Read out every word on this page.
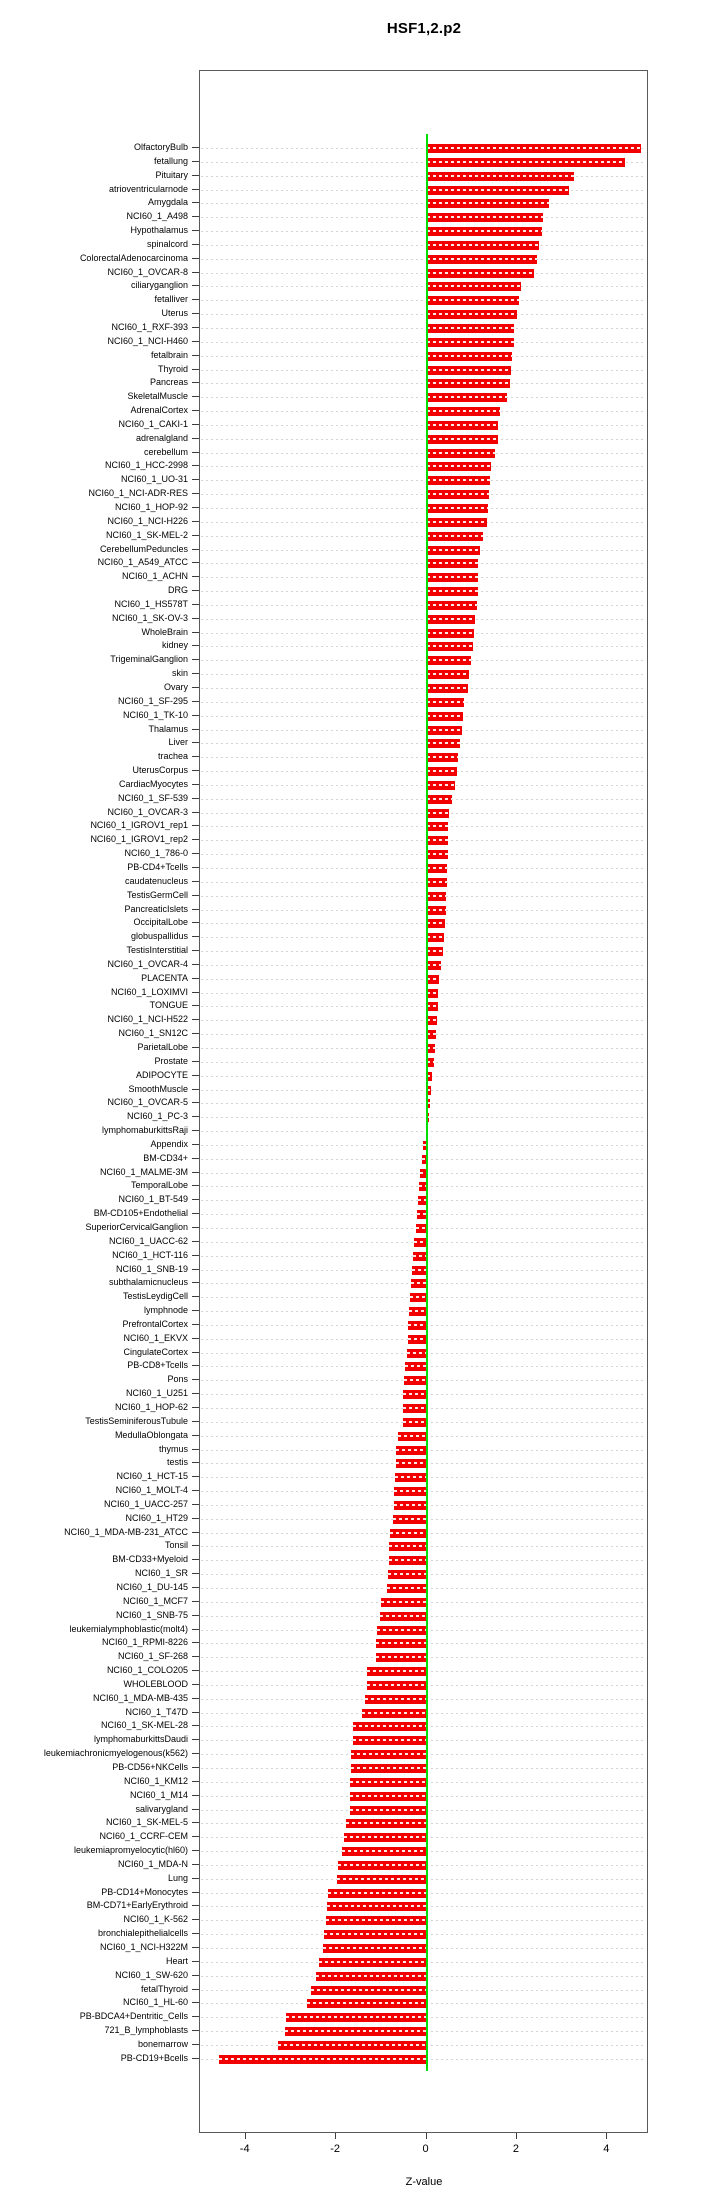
HSF1,2.p2
OlfactoryBulb
fetallung
Pituitary
atrioventricularnode
Amygdala
NCI60_1_A498
Hypothalamus
spinalcord
ColorectalAdenocarcinoma
NCI60_1_OVCAR-8
ciliaryganglion
fetalliver
Uterus
NCI60_1_RXF-393
NCI60_1_NCI-H460
fetalbrain
Thyroid
Pancreas
SkeletalMuscle
AdrenalCortex
NCI60_1_CAKI-1
adrenalgland
cerebellum
NCI60_1_HCC-2998
NCI60_1_UO-31
NCI60_1_NCI-ADR-RES
NCI60_1_HOP-92
NCI60_1_NCI-H226
NCI60_1_SK-MEL-2
CerebellumPeduncles
NCI60_1_A549_ATCC
NCI60_1_ACHN
DRG
NCI60_1_HS578T
NCI60_1_SK-OV-3
WholeBrain
kidney
TrigeminalGanglion
skin
Ovary
NCI60_1_SF-295
NCI60_1_TK-10
Thalamus
Liver
trachea
UterusCorpus
CardiacMyocytes
NCI60_1_SF-539
NCI60_1_OVCAR-3
NCI60_1_IGROV1_rep1
NCI60_1_IGROV1_rep2
NCI60_1_786-0
PB-CD4+Tcells
caudatenucleus
TestisGermCell
PancreaticIslets
OccipitalLobe
globuspallidus
TestisInterstitial
NCI60_1_OVCAR-4
PLACENTA
NCI60_1_LOXIMVI
TONGUE
NCI60_1_NCI-H522
NCI60_1_SN12C
ParietalLobe
Prostate
ADIPOCYTE
SmoothMuscle
NCI60_1_OVCAR-5
NCI60_1_PC-3
lymphomaburkittsRaji
Appendix
BM-CD34+
NCI60_1_MALME-3M
TemporalLobe
NCI60_1_BT-549
BM-CD105+Endothelial
SuperiorCervicalGanglion
NCI60_1_UACC-62
NCI60_1_HCT-116
NCI60_1_SNB-19
subthalamicnucleus
TestisLeydigCell
lymphnode
PrefrontalCortex
NCI60_1_EKVX
CingulateCortex
PB-CD8+Tcells
Pons
NCI60_1_U251
NCI60_1_HOP-62
TestisSeminiferousTubule
MedullaOblongata
thymus
testis
NCI60_1_HCT-15
NCI60_1_MOLT-4
NCI60_1_UACC-257
NCI60_1_HT29
NCI60_1_MDA-MB-231_ATCC
Tonsil
BM-CD33+Myeloid
NCI60_1_SR
NCI60_1_DU-145
NCI60_1_MCF7
NCI60_1_SNB-75
leukemialymphoblastic(molt4)
NCI60_1_RPMI-8226
NCI60_1_SF-268
NCI60_1_COLO205
WHOLEBLOOD
NCI60_1_MDA-MB-435
NCI60_1_T47D
NCI60_1_SK-MEL-28
lymphomaburkittsDaudi
leukemiachronicmyelogenous(k562)
PB-CD56+NKCells
NCI60_1_KM12
NCI60_1_M14
salivarygland
NCI60_1_SK-MEL-5
NCI60_1_CCRF-CEM
leukemiapromyelocytic(hl60)
NCI60_1_MDA-N
Lung
PB-CD14+Monocytes
BM-CD71+EarlyErythroid
NCI60_1_K-562
bronchialepithelialcells
NCI60_1_NCI-H322M
Heart
NCI60_1_SW-620
fetalThyroid
NCI60_1_HL-60
PB-BDCA4+Dentritic_Cells
721_B_lymphoblasts
bonemarrow
PB-CD19+Bcells
-4	-2	0	2	4
Z-value
